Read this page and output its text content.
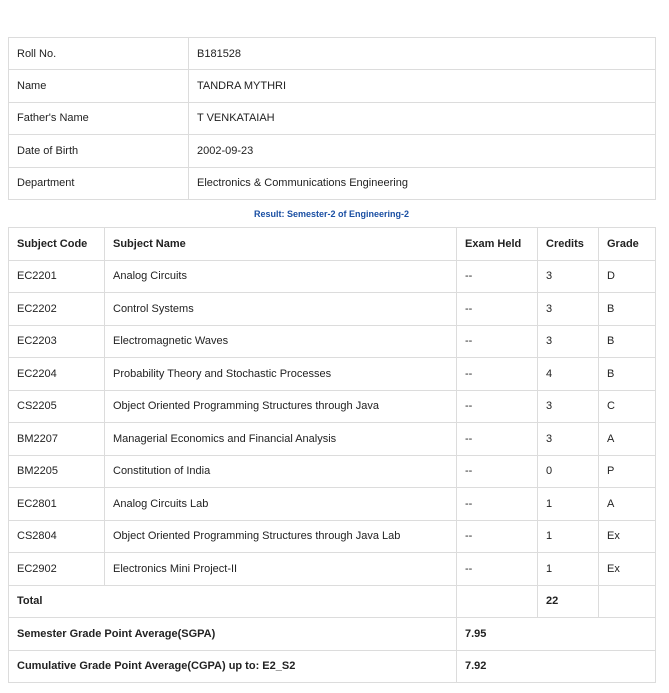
Roll No.	B181528
Name	TANDRA MYTHRI
Father's Name	T VENKATAIAH
Date of Birth	2002-09-23
Department	Electronics & Communications Engineering
Result: Semester-2 of Engineering-2
Subject Code	Subject Name	Exam Held	Credits	Grade
EC2201	Analog Circuits	--	3	D
EC2202	Control Systems	--	3	B
EC2203	Electromagnetic Waves	--	3	B
EC2204	Probability Theory and Stochastic Processes	--	4	B
CS2205	Object Oriented Programming Structures through Java	--	3	C
BM2207	Managerial Economics and Financial Analysis	--	3	A
BM2205	Constitution of India	--	0	P
EC2801	Analog Circuits Lab	--	1	A
CS2804	Object Oriented Programming Structures through Java Lab	--	1	Ex
EC2902	Electronics Mini Project-II	--	1	Ex
Total			22	
Semester Grade Point Average(SGPA)		7.95		
Cumulative Grade Point Average(CGPA) up to: E2_S2		7.92		
